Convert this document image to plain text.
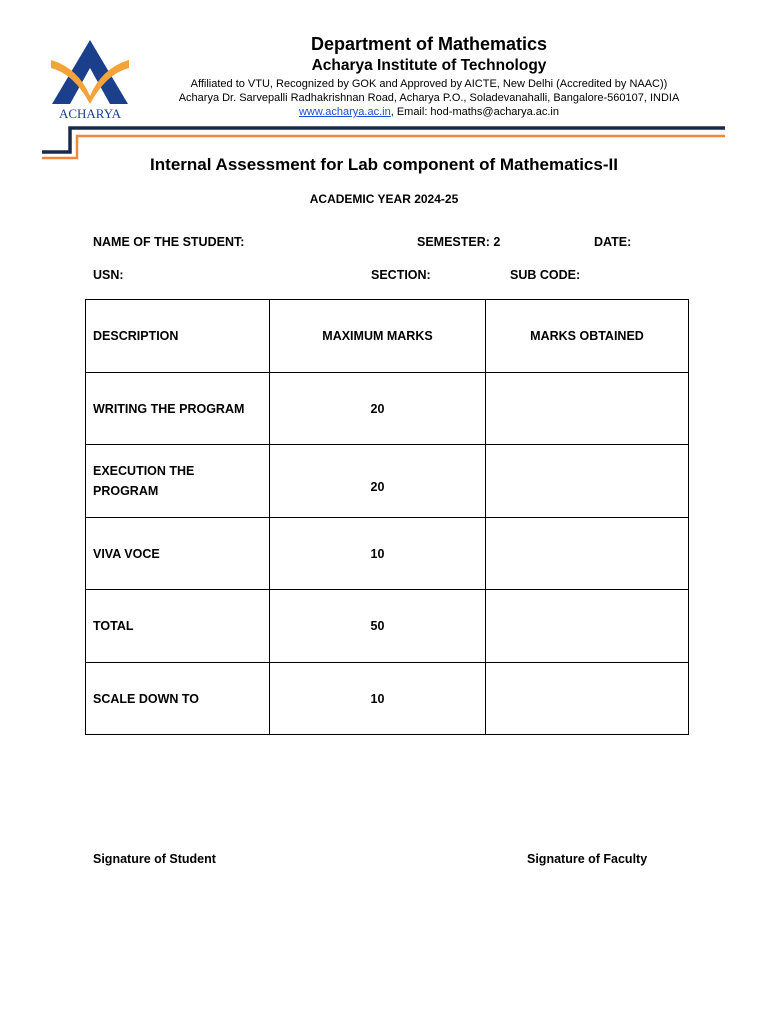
ACHARYA
Department of Mathematics
Acharya Institute of Technology
Affiliated to VTU, Recognized by GOK and Approved by AICTE, New Delhi (Accredited by NAAC))
Acharya Dr. Sarvepalli Radhakrishnan Road, Acharya P.O., Soladevanahalli, Bangalore-560107, INDIA
www.acharya.ac.in, Email: hod-maths@acharya.ac.in
Internal Assessment for Lab component of Mathematics-II
ACADEMIC YEAR 2024-25
NAME OF THE STUDENT:	SEMESTER: 2	DATE:
USN:	SECTION:	SUB CODE:
DESCRIPTION	MAXIMUM MARKS	MARKS OBTAINED
WRITING THE PROGRAM	20	
EXECUTION THE PROGRAM	20	
VIVA VOCE	10	
TOTAL	50	
SCALE DOWN TO	10	
Signature of Student	Signature of Faculty
